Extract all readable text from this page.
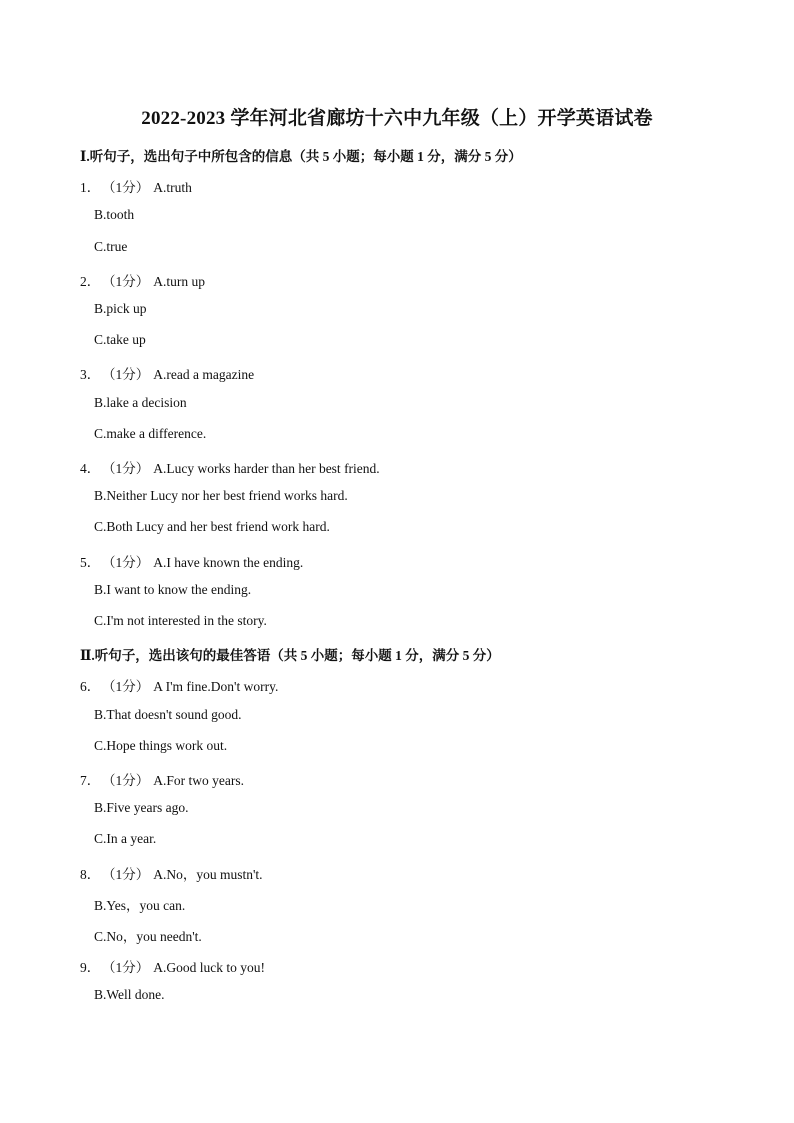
2022-2023 学年河北省廊坊十六中九年级（上）开学英语试卷
Ⅰ.听句子，选出句子中所包含的信息（共 5 小题；每小题 1 分，满分 5 分）
1． （1分） A.truth
B.tooth
C.true
2． （1分） A.turn up
B.pick up
C.take up
3． （1分） A.read a magazine
B.lake a decision
C.make a difference.
4． （1分） A.Lucy works harder than her best friend.
B.Neither Lucy nor her best friend works hard.
C.Both Lucy and her best friend work hard.
5． （1分） A.I have known the ending.
B.I want to know the ending.
C.I'm not interested in the story.
Ⅱ.听句子，选出该句的最佳答语（共 5 小题；每小题 1 分，满分 5 分）
6． （1分） A I'm fine.Don't worry.
B.That doesn't sound good.
C.Hope things work out.
7． （1分） A.For two years.
B.Five years ago.
C.In a year.
8． （1分） A.No，you mustn't.
B.Yes，you can.
C.No，you needn't.
9． （1分） A.Good luck to you!
B.Well done.
